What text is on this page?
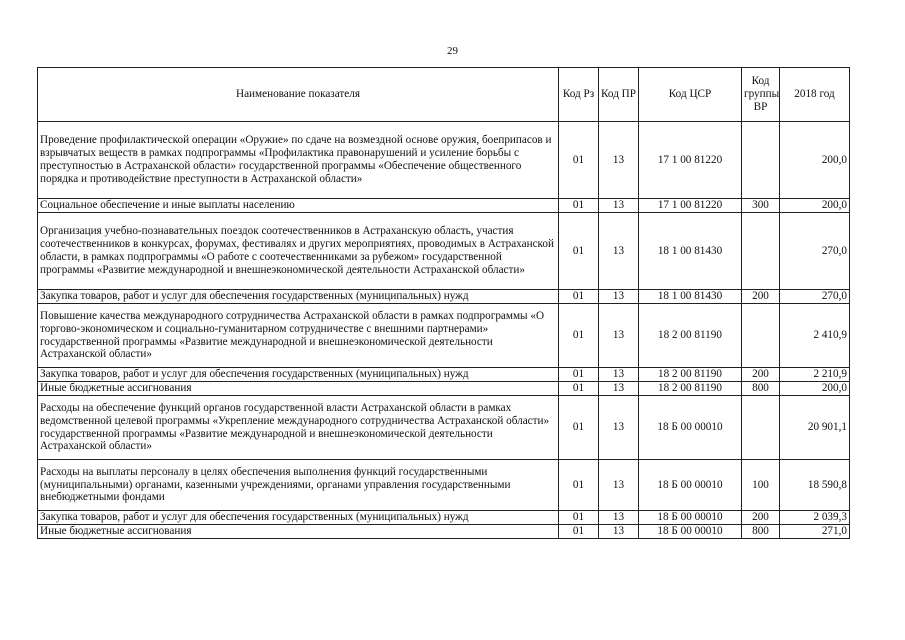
29
Наименование показателя	Код Рз	Код ПР	Код ЦСР	Код группы ВР	2018 год
Проведение профилактической операции «Оружие» по сдаче на возмездной основе оружия, боеприпасов и взрывчатых веществ в рамках подпрограммы «Профилактика правонарушений и усиление борьбы с преступностью в Астраханской области» государственной программы «Обеспечение общественного порядка и противодействие преступности в Астраханской области»	01	13	17 1 00 81220		200,0
Социальное обеспечение и иные выплаты населению	01	13	17 1 00 81220	300	200,0
Организация учебно-познавательных поездок соотечественников в Астраханскую область, участия соотечественников в конкурсах, форумах, фестивалях и других мероприятиях, проводимых в Астраханской области, в рамках подпрограммы «О работе с соотечественниками за рубежом» государственной программы «Развитие международной и внешнеэкономической деятельности Астраханской области»	01	13	18 1 00 81430		270,0
Закупка товаров, работ и услуг для обеспечения государственных (муниципальных) нужд	01	13	18 1 00 81430	200	270,0
Повышение качества международного сотрудничества Астраханской области в рамках подпрограммы «О торгово-экономическом и социально-гуманитарном сотрудничестве с внешними партнерами» государственной программы «Развитие международной и внешнеэкономической деятельности Астраханской области»	01	13	18 2 00 81190		2 410,9
Закупка товаров, работ и услуг для обеспечения государственных (муниципальных) нужд	01	13	18 2 00 81190	200	2 210,9
Иные бюджетные ассигнования	01	13	18 2 00 81190	800	200,0
Расходы на обеспечение функций органов государственной власти Астраханской области в рамках ведомственной целевой программы «Укрепление международного сотрудничества Астраханской области» государственной программы «Развитие международной и внешнеэкономической деятельности Астраханской области»	01	13	18 Б 00 00010		20 901,1
Расходы на выплаты персоналу в целях обеспечения выполнения функций государственными (муниципальными) органами, казенными учреждениями, органами управления государственными внебюджетными фондами	01	13	18 Б 00 00010	100	18 590,8
Закупка товаров, работ и услуг для обеспечения государственных (муниципальных) нужд	01	13	18 Б 00 00010	200	2 039,3
Иные бюджетные ассигнования	01	13	18 Б 00 00010	800	271,0
